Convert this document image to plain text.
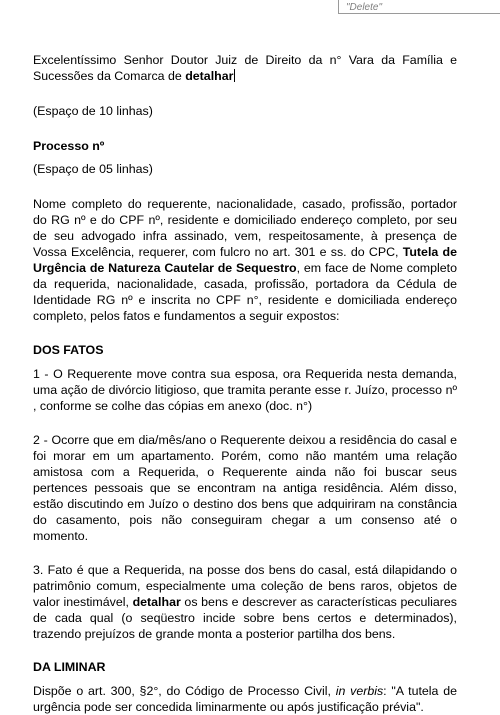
"Delete"

Excelentíssimo Senhor Doutor Juiz de Direito da n° Vara da Família e Sucessões da Comarca de detalhar

(Espaço de 10 linhas)

Processo nº

(Espaço de 05 linhas)

Nome completo do requerente, nacionalidade, casado, profissão, portador do RG nº e do CPF nº, residente e domiciliado endereço completo, por seu de seu advogado infra assinado, vem, respeitosamente, à presença de Vossa Excelência, requerer, com fulcro no art. 301 e ss. do CPC, Tutela de Urgência de Natureza Cautelar de Sequestro, em face de Nome completo da requerida, nacionalidade, casada, profissão, portadora da Cédula de Identidade RG nº e inscrita no CPF n°, residente e domiciliada endereço completo, pelos fatos e fundamentos a seguir expostos:

DOS FATOS

1 - O Requerente move contra sua esposa, ora Requerida nesta demanda, uma ação de divórcio litigioso, que tramita perante esse r. Juízo, processo nº , conforme se colhe das cópias em anexo (doc. n°)

2 - Ocorre que em dia/mês/ano o Requerente deixou a residência do casal e foi morar em um apartamento. Porém, como não mantém uma relação amistosa com a Requerida, o Requerente ainda não foi buscar seus pertences pessoais que se encontram na antiga residência. Além disso, estão discutindo em Juízo o destino dos bens que adquiriram na constância do casamento, pois não conseguiram chegar a um consenso até o momento.

3. Fato é que a Requerida, na posse dos bens do casal, está dilapidando o patrimônio comum, especialmente uma coleção de bens raros, objetos de valor inestimável, detalhar os bens e descrever as características peculiares de cada qual (o seqüestro incide sobre bens certos e determinados), trazendo prejuízos de grande monta a posterior partilha dos bens.

DA LIMINAR

Dispõe o art. 300, §2°, do Código de Processo Civil, in verbis: "A tutela de urgência pode ser concedida liminarmente ou após justificação prévia".
